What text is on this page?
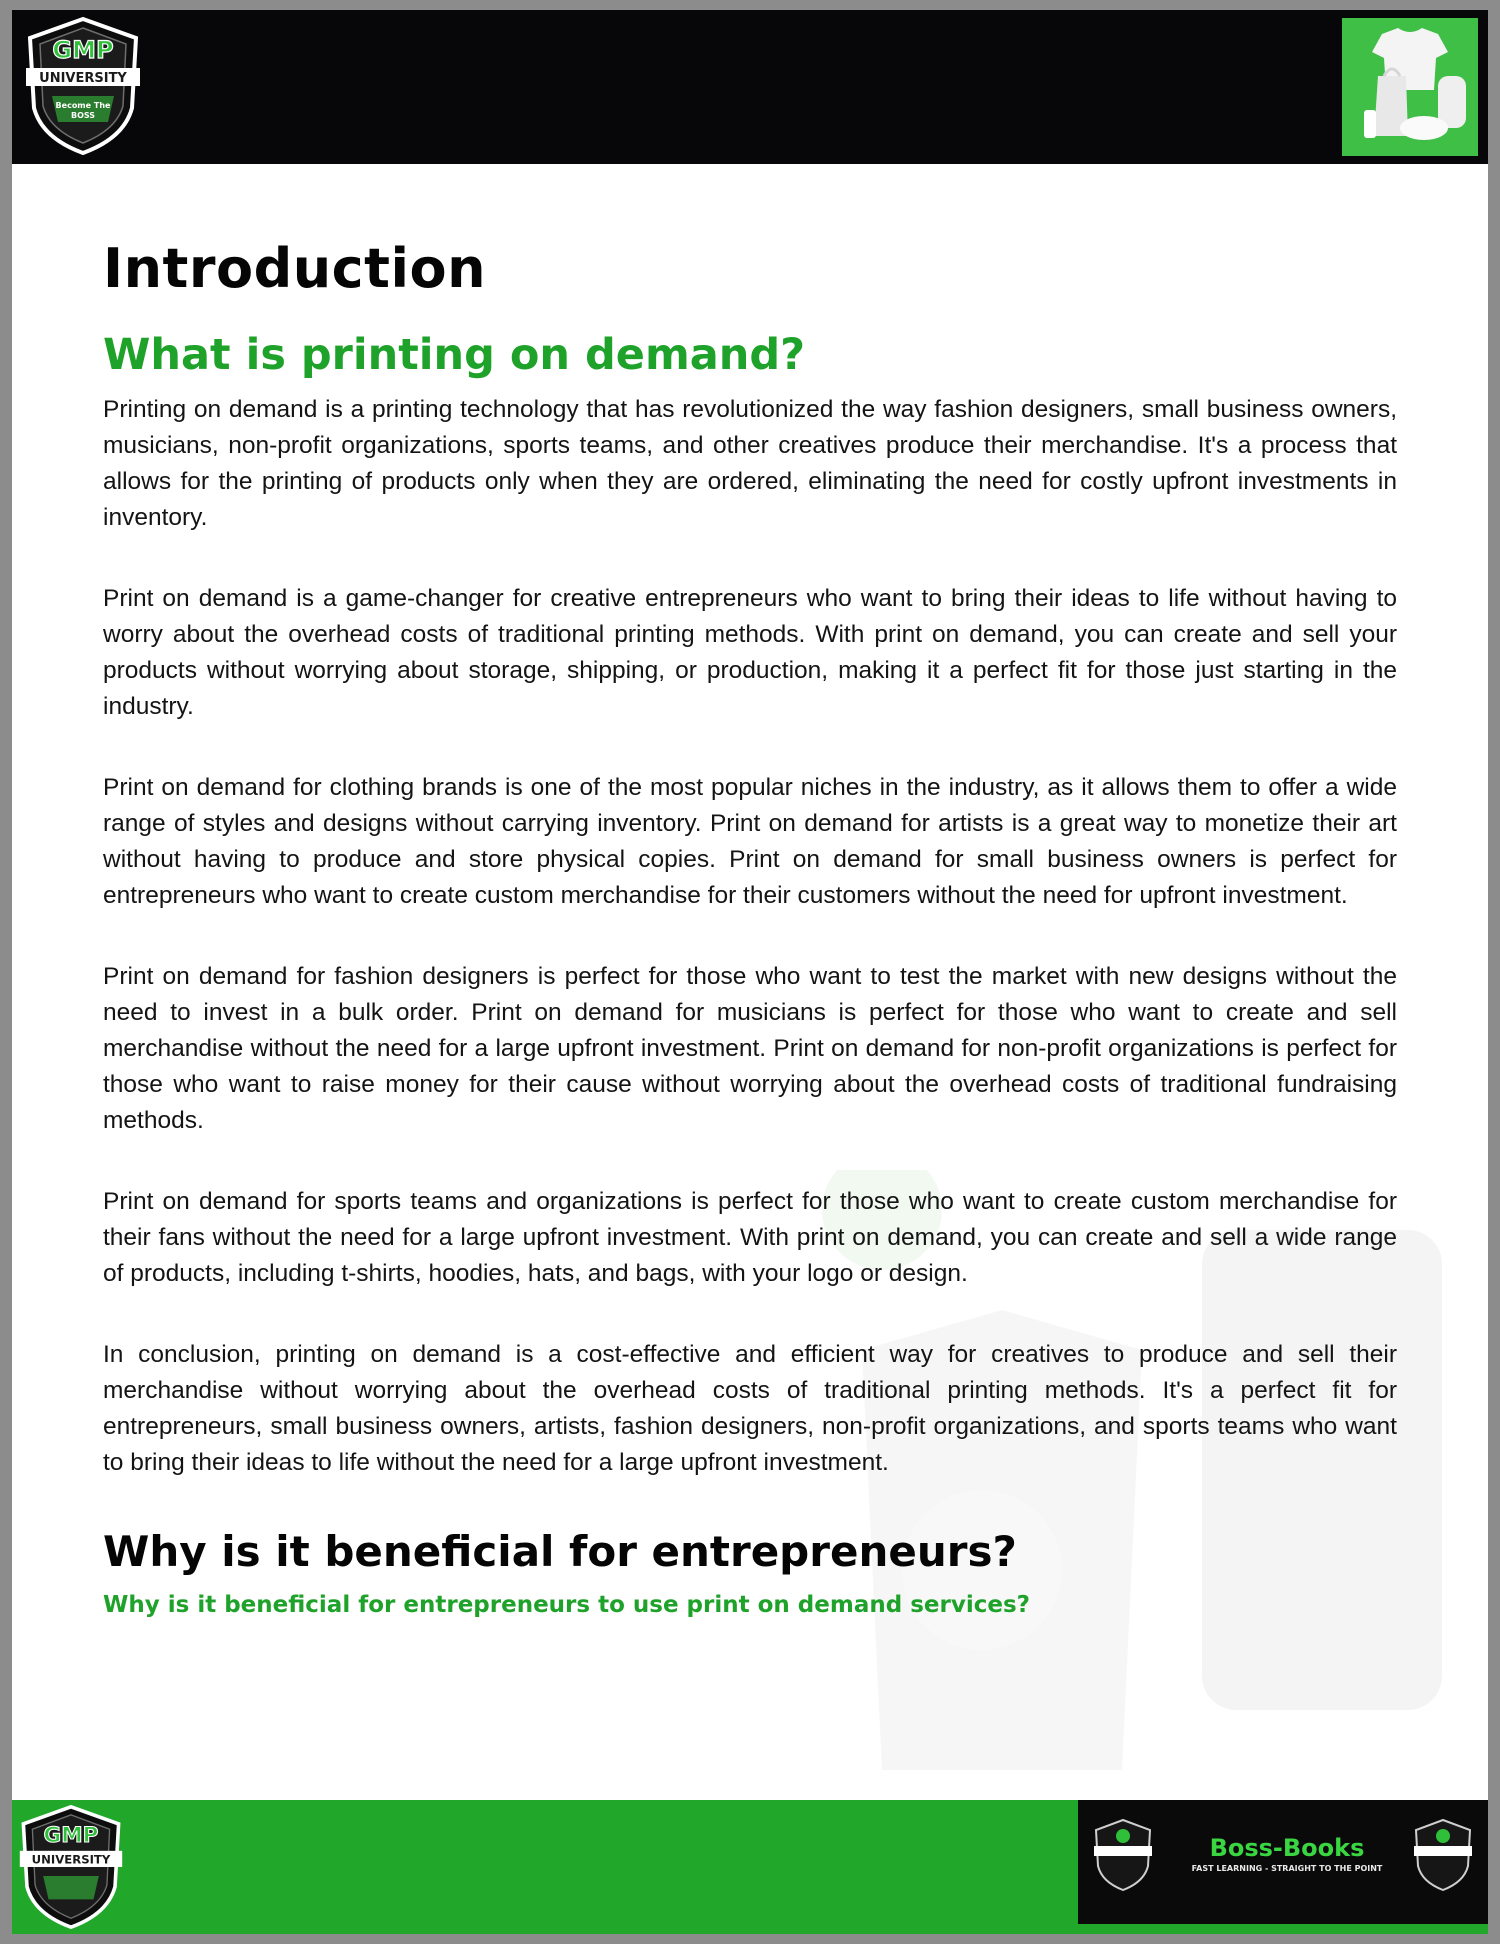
GMP
UNIVERSITY
Become The
BOSS
Introduction
What is printing on demand?

Printing on demand is a printing technology that has revolutionized the way fashion designers, small business owners, musicians, non-profit organizations, sports teams, and other creatives produce their merchandise. It's a process that allows for the printing of products only when they are ordered, eliminating the need for costly upfront investments in inventory.

Print on demand is a game-changer for creative entrepreneurs who want to bring their ideas to life without having to worry about the overhead costs of traditional printing methods. With print on demand, you can create and sell your products without worrying about storage, shipping, or production, making it a perfect fit for those just starting in the industry.

Print on demand for clothing brands is one of the most popular niches in the industry, as it allows them to offer a wide range of styles and designs without carrying inventory. Print on demand for artists is a great way to monetize their art without having to produce and store physical copies. Print on demand for small business owners is perfect for entrepreneurs who want to create custom merchandise for their customers without the need for upfront investment.

Print on demand for fashion designers is perfect for those who want to test the market with new designs without the need to invest in a bulk order. Print on demand for musicians is perfect for those who want to create and sell merchandise without the need for a large upfront investment. Print on demand for non-profit organizations is perfect for those who want to raise money for their cause without worrying about the overhead costs of traditional fundraising methods.

Print on demand for sports teams and organizations is perfect for those who want to create custom merchandise for their fans without the need for a large upfront investment. With print on demand, you can create and sell a wide range of products, including t-shirts, hoodies, hats, and bags, with your logo or design.

In conclusion, printing on demand is a cost-effective and efficient way for creatives to produce and sell their merchandise without worrying about the overhead costs of traditional printing methods. It's a perfect fit for entrepreneurs, small business owners, artists, fashion designers, non-profit organizations, and sports teams who want to bring their ideas to life without the need for a large upfront investment.

Why is it beneficial for entrepreneurs?

Why is it beneficial for entrepreneurs to use print on demand services?

GMP
UNIVERSITY	Boss-Books
FAST LEARNING - STRAIGHT TO THE POINT
